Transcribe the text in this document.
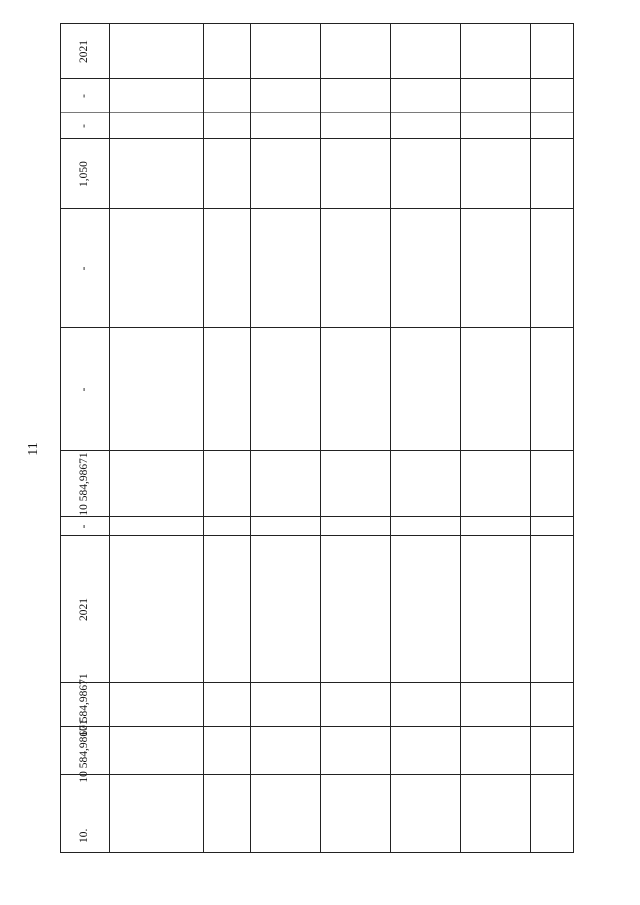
11
10.
2021
10 584,98671
10 584,98671
-
10 584,98671
-
-
1,050
-
-
2021
